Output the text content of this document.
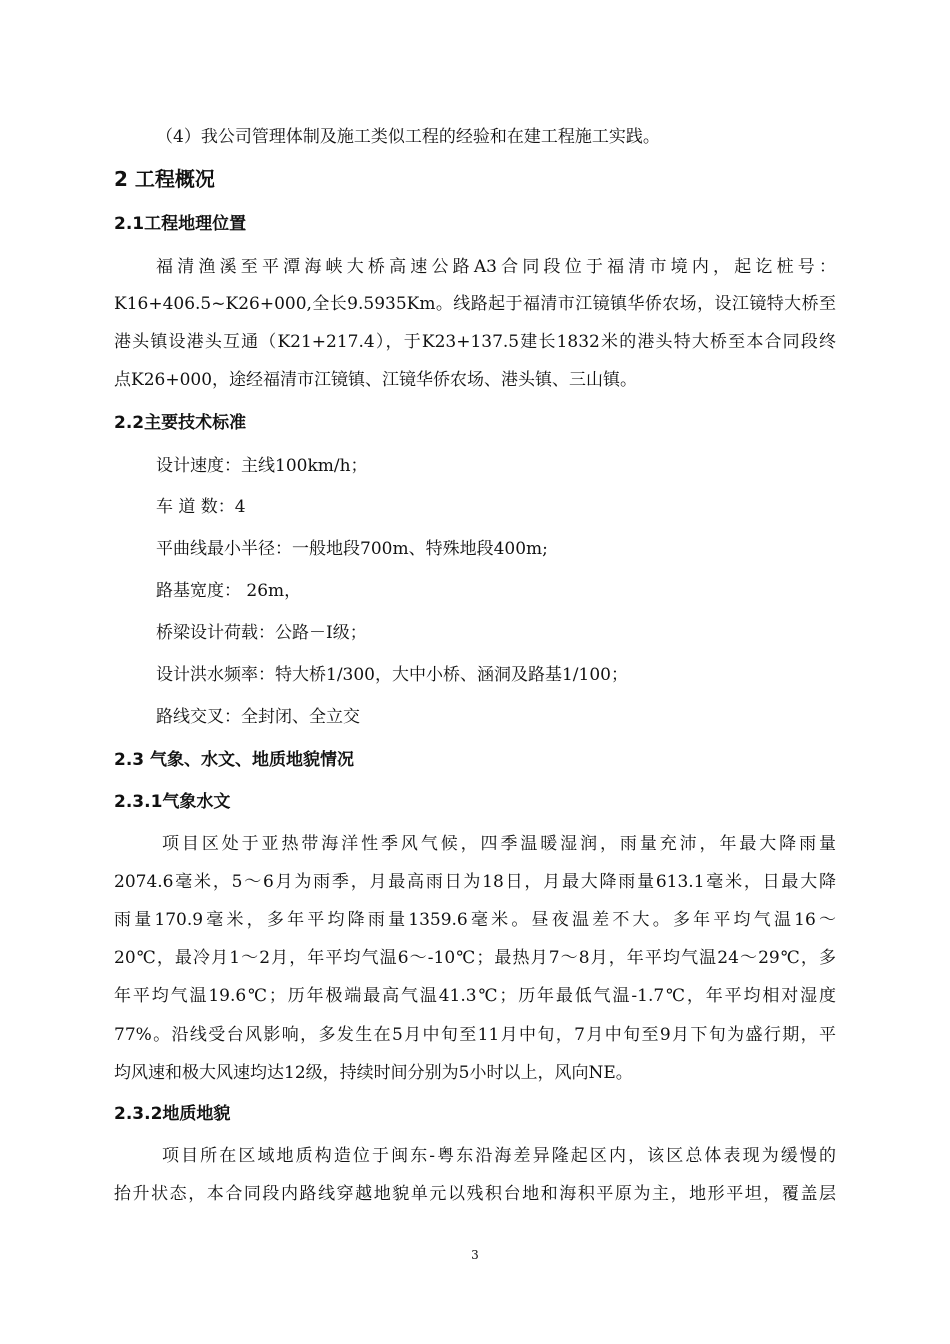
（4）我公司管理体制及施工类似工程的经验和在建工程施工实践。
2 工程概况
2.1工程地理位置
福清渔溪至平潭海峡大桥高速公路A3合同段位于福清市境内，起讫桩号：
K16+406.5~K26+000,全长9.5935Km。线路起于福清市江镜镇华侨农场，设江镜特大桥至
港头镇设港头互通（K21+217.4），于K23+137.5建长1832米的港头特大桥至本合同段终
点K26+000，途经福清市江镜镇、江镜华侨农场、港头镇、三山镇。
2.2主要技术标准
设计速度：主线100km/h；
车 道 数：4
平曲线最小半径：一般地段700m、特殊地段400m;
路基宽度： 26m，
桥梁设计荷载：公路－I级；
设计洪水频率：特大桥1/300，大中小桥、涵洞及路基1/100；
路线交叉：全封闭、全立交
2.3 气象、水文、地质地貌情况
2.3.1气象水文
项目区处于亚热带海洋性季风气候，四季温暖湿润，雨量充沛，年最大降雨量
2074.6毫米，5～6月为雨季，月最高雨日为18日，月最大降雨量613.1毫米，日最大降
雨量170.9毫米，多年平均降雨量1359.6毫米。昼夜温差不大。多年平均气温16～
20℃，最冷月1～2月，年平均气温6～-10℃；最热月7～8月，年平均气温24～29℃，多
年平均气温19.6℃；历年极端最高气温41.3℃；历年最低气温-1.7℃，年平均相对湿度
77%。沿线受台风影响，多发生在5月中旬至11月中旬，7月中旬至9月下旬为盛行期，平
均风速和极大风速均达12级，持续时间分别为5小时以上，风向NE。
2.3.2地质地貌
项目所在区域地质构造位于闽东-粤东沿海差异隆起区内，该区总体表现为缓慢的
抬升状态，本合同段内路线穿越地貌单元以残积台地和海积平原为主，地形平坦，覆盖层
3
